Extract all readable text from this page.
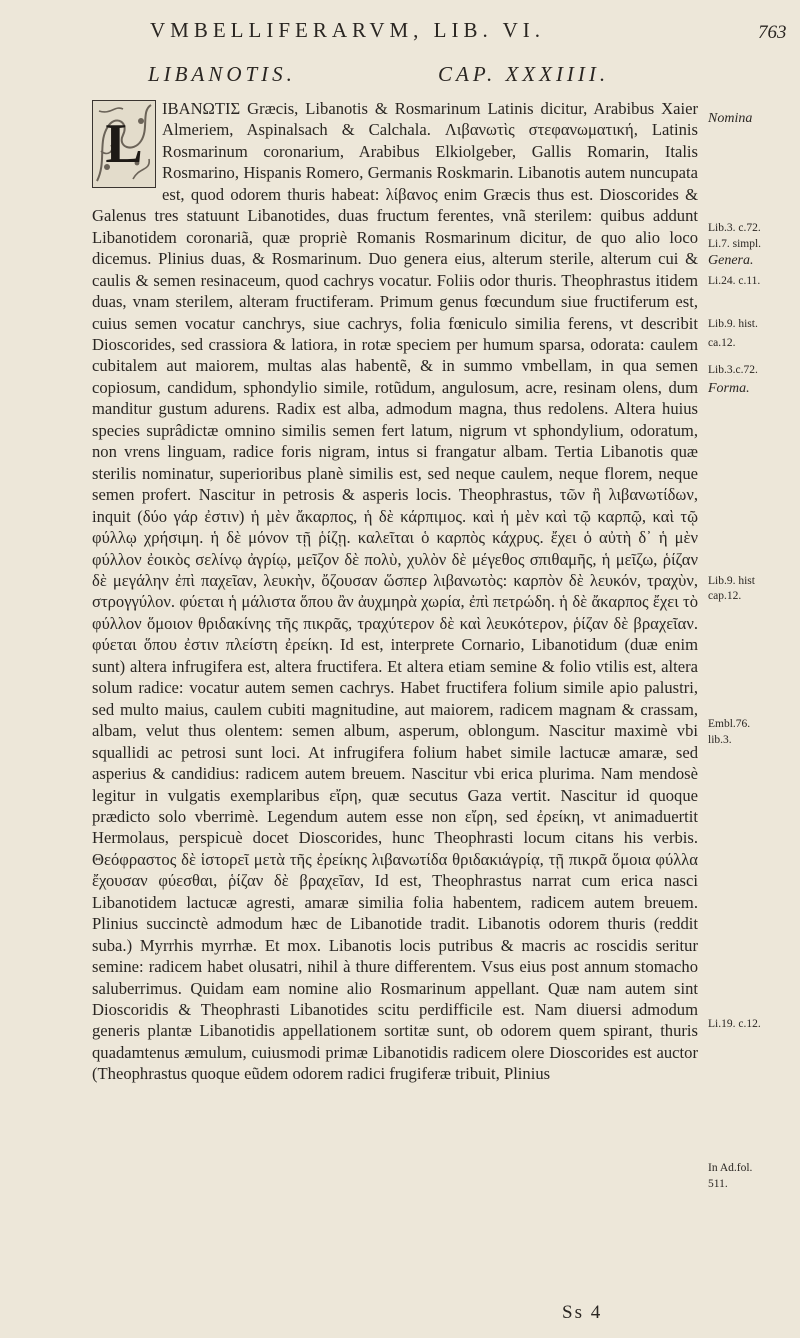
VMBELLIFERARVM, LIB. VI.	763
LIBANOTIS.	CAP. XXXIIII.
L
IBANΩΤΙΣ Græcis, Libanotis & Rosmarinum Latinis dicitur, Arabibus Xaier Almeriem, Aspinalsach & Calchala. Λιβανωτὶς στεφανωματική, Latinis Rosmarinum coronarium, Arabibus Elkiolgeber, Gallis Romarin, Italis Rosmarino, Hispanis Romero, Germanis Roskmarin. Libanotis autem nuncupata est, quod odorem thuris habeat: λίβανος enim Græcis thus est. Dioscorides & Galenus tres statuunt Libanotides, duas fructum ferentes, vnã sterilem: quibus addunt Libanotidem coronariã, quæ propriè Romanis Rosmarinum dicitur, de quo alio loco dicemus. Plinius duas, & Rosmarinum. Duo genera eius, alterum sterile, alterum cui & caulis & semen resinaceum, quod cachrys vocatur. Foliis odor thuris. Theophrastus itidem duas, vnam sterilem, alteram fructiferam. Primum genus fœcundum siue fructiferum est, cuius semen vocatur canchrys, siue cachrys, folia fœniculo similia ferens, vt describit Dioscorides, sed crassiora & latiora, in rotæ speciem per humum sparsa, odorata: caulem cubitalem aut maiorem, multas alas habentẽ, & in summo vmbellam, in qua semen copiosum, candidum, sphondylio simile, rotũdum, angulosum, acre, resinam olens, dum manditur gustum adurens. Radix est alba, admodum magna, thus redolens. Altera huius species suprâdictæ omnino similis semen fert latum, nigrum vt sphondylium, odoratum, non vrens linguam, radice foris nigram, intus si frangatur albam. Tertia Libanotis quæ sterilis nominatur, superioribus planè similis est, sed neque caulem, neque florem, neque semen profert. Nascitur in petrosis & asperis locis. Theophrastus, τῶν ἢ λιβανωτίδων, inquit (δύο γάρ ἐστιν) ἡ μὲν ἄκαρπος, ἡ δὲ κάρπιμος. καὶ ἡ μὲν καὶ τῷ καρπῷ, καὶ τῷ φύλλῳ χρήσιμη. ἡ δὲ μόνον τῇ ῥίζῃ. καλεῖται ὁ καρπὸς κάχρυς. ἔχει ὁ αὐτὴ δ᾽ ἡ μὲν φύλλον ἐοικὸς σελίνῳ ἀγρίῳ, μεῖζον δὲ πολὺ, χυλὸν δὲ μέγεθος σπιθαμῆς, ἡ μεῖζω, ῥίζαν δὲ μεγάλην ἐπὶ παχεῖαν, λευκὴν, ὄζουσαν ὥσπερ λιβανωτὸς: καρπὸν δὲ λευκόν, τραχὺν, στρογγύλον. φύεται ἡ μάλιστα ὅπου ἂν ἀυχμηρὰ χωρία, ἐπὶ πετρώδη. ἡ δὲ ἄκαρπος ἔχει τὸ φύλλον ὅμοιον θριδακίνης τῆς πικρᾶς, τραχύτερον δὲ καὶ λευκότερον, ῥίζαν δὲ βραχεῖαν. φύεται ὅπου ἐστιν πλείστη ἐρείκη. Id est, interprete Cornario, Libanotidum (duæ enim sunt) altera infrugifera est, altera fructifera. Et altera etiam semine & folio vtilis est, altera solum radice: vocatur autem semen cachrys. Habet fructifera folium simile apio palustri, sed multo maius, caulem cubiti magnitudine, aut maiorem, radicem magnam & crassam, albam, velut thus olentem: semen album, asperum, oblongum. Nascitur maximè vbi squallidi ac petrosi sunt loci. At infrugifera folium habet simile lactucæ amaræ, sed asperius & candidius: radicem autem breuem. Nascitur vbi erica plurima. Nam mendosè legitur in vulgatis exemplaribus εἴρη, quæ secutus Gaza vertit. Nascitur id quoque prædicto solo vberrimè. Legendum autem esse non εἴρη, sed ἐρείκη, vt animaduertit Hermolaus, perspicuè docet Dioscorides, hunc Theophrasti locum citans his verbis. Θεόφραστος δὲ ἱστορεῖ μετὰ τῆς ἐρείκης λιβανωτίδα θριδακιάγρίᾳ, τῇ πικρᾶ ὅμοια φύλλα ἔχουσαν φύεσθαι, ῥίζαν δὲ βραχεῖαν, Id est, Theophrastus narrat cum erica nasci Libanotidem lactucæ agresti, amaræ similia folia habentem, radicem autem breuem. Plinius succinctè admodum hæc de Libanotide tradit. Libanotis odorem thuris (reddit suba.) Myrrhis myrrhæ. Et mox. Libanotis locis putribus & macris ac roscidis seritur semine: radicem habet olusatri, nihil à thure differentem. Vsus eius post annum stomacho saluberrimus. Quidam eam nomine alio Rosmarinum appellant. Quæ nam autem sint Dioscoridis & Theophrasti Libanotides scitu perdifficile est. Nam diuersi admodum generis plantæ Libanotidis appellationem sortitæ sunt, ob odorem quem spirant, thuris quadamtenus æmulum, cuiusmodi primæ Libanotidis radicem olere Dioscorides est auctor (Theophrastus quoque eũdem odorem radici frugiferæ tribuit, Plinius
Nomina
Lib.3. c.72.
Li.7. simpl.
Genera.
Li.24. c.11.
Lib.9. hist.
ca.12.
Lib.3.c.72.
Forma.
Lib.9. hist
cap.12.
Embl.76.
lib.3.
Li.19. c.12.
In Ad.fol.
511.
Ss 4
